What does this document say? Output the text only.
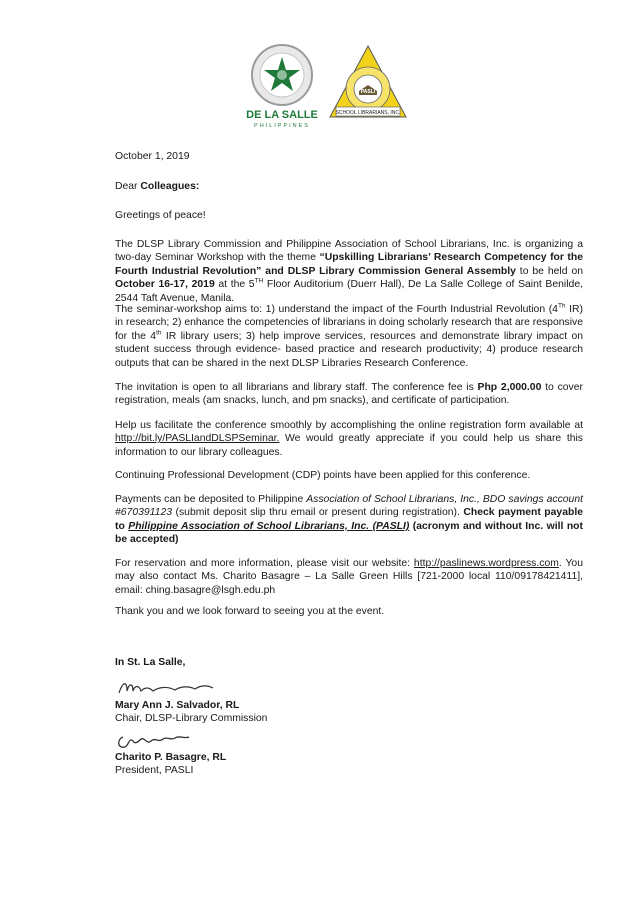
DE LA SALLE
PHILIPPINES
PASLI
SCHOOL LIBRARIANS, INC.

October 1, 2019

Dear Colleagues:

Greetings of peace!

The DLSP Library Commission and Philippine Association of School Librarians, Inc. is organizing a two-day Seminar Workshop with the theme “Upskilling Librarians’ Research Competency for the Fourth Industrial Revolution” and DLSP Library Commission General Assembly to be held on October 16-17, 2019 at the 5TH Floor Auditorium (Duerr Hall), De La Salle College of Saint Benilde, 2544 Taft Avenue, Manila.

The seminar-workshop aims to: 1) understand the impact of the Fourth Industrial Revolution (4Th IR) in research; 2) enhance the competencies of librarians in doing scholarly research that are responsive for the 4th IR library users; 3) help improve services, resources and demonstrate library impact on student success through evidence- based practice and research productivity; 4) produce research outputs that can be shared in the next DLSP Libraries Research Conference.

The invitation is open to all librarians and library staff. The conference fee is Php 2,000.00 to cover registration, meals (am snacks, lunch, and pm snacks), and certificate of participation.

Help us facilitate the conference smoothly by accomplishing the online registration form available at http://bit.ly/PASLIandDLSPSeminar. We would greatly appreciate if you could help us share this information to our library colleagues.

Continuing Professional Development (CDP) points have been applied for this conference.

Payments can be deposited to Philippine Association of School Librarians, Inc., BDO savings account #670391123 (submit deposit slip thru email or present during registration). Check payment payable to Philippine Association of School Librarians, Inc. (PASLI) (acronym and without Inc. will not be accepted)

For reservation and more information, please visit our website: http://paslinews.wordpress.com. You may also contact Ms. Charito Basagre – La Salle Green Hills [721-2000 local 110/09178421411], email: ching.basagre@lsgh.edu.ph

Thank you and we look forward to seeing you at the event.

In St. La Salle,

Mary Ann J. Salvador, RL

Chair, DLSP-Library Commission

Charito P. Basagre, RL

President, PASLI
